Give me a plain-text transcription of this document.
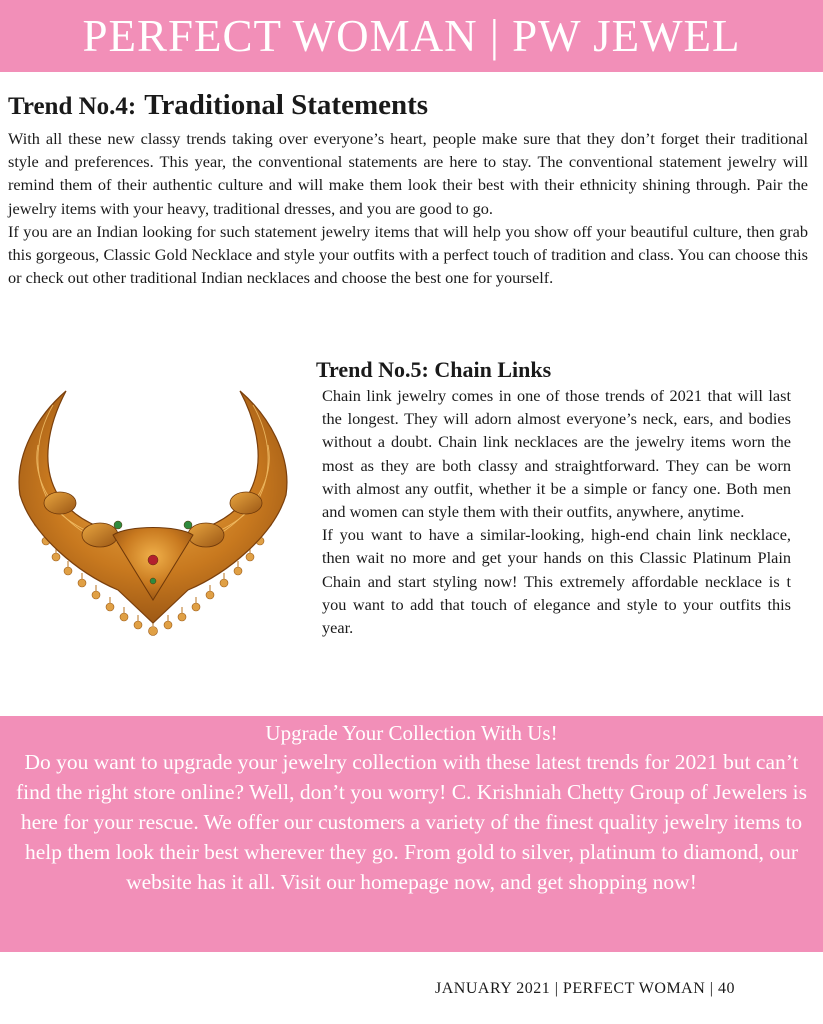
PERFECT WOMAN | PW JEWEL
Trend No.4: Traditional Statements

With all these new classy trends taking over everyone’s heart, people make sure that they don’t forget their traditional style and preferences. This year, the conventional statements are here to stay. The conventional statement jewelry will remind them of their authentic culture and will make them look their best with their ethnicity shining through. Pair the jewelry items with your heavy, traditional dresses, and you are good to go.

If you are an Indian looking for such statement jewelry items that will help you show off your beautiful culture, then grab this gorgeous, Classic Gold Necklace and style your outfits with a perfect touch of tradition and class. You can choose this or check out other traditional Indian necklaces and choose the best one for yourself.

Trend No.5: Chain Links

Chain link jewelry comes in one of those trends of 2021 that will last the longest. They will adorn almost everyone’s neck, ears, and bodies without a doubt. Chain link necklaces are the jewelry items worn the most as they are both classy and straightforward. They can be worn with almost any outfit, whether it be a simple or fancy one. Both men and women can style them with their outfits, anywhere, anytime.

If you want to have a similar-looking, high-end chain link necklace, then wait no more and get your hands on this Classic Platinum Plain Chain and start styling now! This extremely affordable necklace is t you want to add that touch of elegance and style to your outfits this year.

Upgrade Your Collection With Us!

Do you want to upgrade your jewelry collection with these latest trends for 2021 but can’t find the right store online? Well, don’t you worry! C. Krishniah Chetty Group of Jewelers is here for your rescue. We offer our customers a variety of the finest quality jewelry items to help them look their best wherever they go. From gold to silver, platinum to diamond, our website has it all. Visit our homepage now, and get shopping now!

JANUARY 2021 | PERFECT WOMAN | 40
